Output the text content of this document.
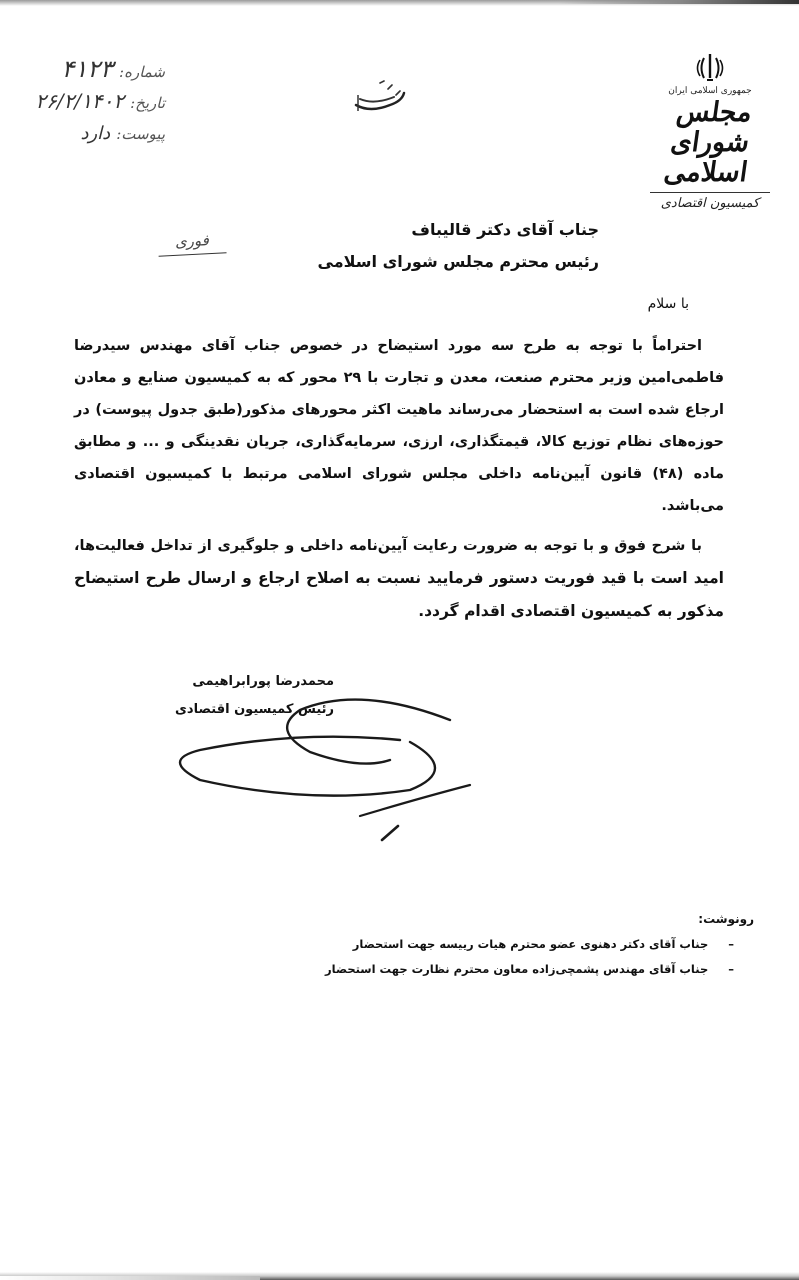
شماره:
۴۱۲۳
تاریخ:
۲۶/۲/۱۴۰۲
پیوست:
دارد
جمهوری اسلامی ایران
مجلس شورای اسلامی
کمیسیون اقتصادی
جناب آقای دکتر قالیباف
رئیس محترم مجلس شورای اسلامی
فوری
با سلام

احتراماً با توجه به طرح سه مورد استیضاح در خصوص جناب آقای مهندس سیدرضا فاطمی‌امین وزیر محترم صنعت، معدن و تجارت با ۲۹ محور که به کمیسیون صنایع و معادن ارجاع شده است به استحضار می‌رساند ماهیت اکثر محورهای مذکور(طبق جدول پیوست) در حوزه‌های نظام توزیع کالا، قیمتگذاری، ارزی، سرمایه‌گذاری، جریان نقدینگی و ... و مطابق ماده (۴۸) قانون آیین‌نامه داخلی مجلس شورای اسلامی مرتبط با کمیسیون اقتصادی می‌باشد.

با شرح فوق و با توجه به ضرورت رعایت آیین‌نامه داخلی و جلوگیری از تداخل فعالیت‌ها، امید است با قید فوریت دستور فرمایید نسبت به اصلاح ارجاع و ارسال طرح استیضاح مذکور به کمیسیون اقتصادی اقدام گردد.

محمدرضا پورابراهیمی
رئیس کمیسیون اقتصادی
رونوشت:
–
جناب آقای دکتر دهنوی عضو محترم هیات رییسه جهت استحضار
–
جناب آقای مهندس پشمچی‌زاده معاون محترم نظارت جهت استحضار
